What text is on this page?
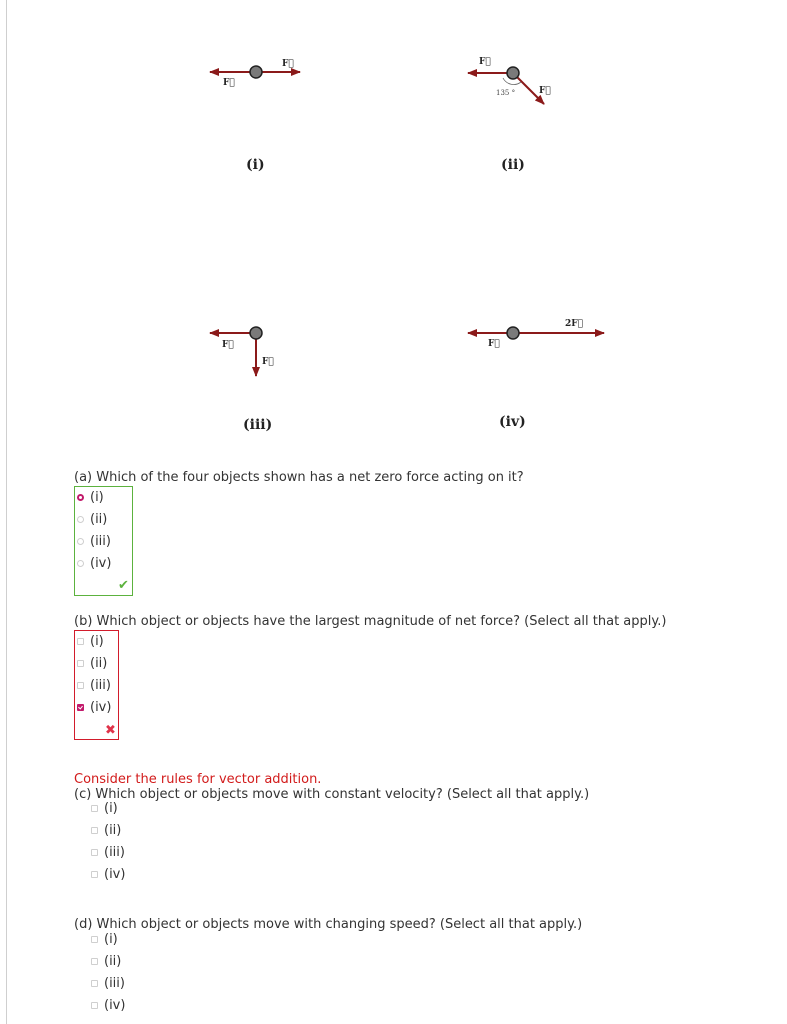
F⃗
F⃗
(i)
F⃗
F⃗
135 °
(ii)
F⃗
F⃗
(iii)
F⃗
2F⃗
(iv)
(a) Which of the four objects shown has a net zero force acting on it?
✔
(i)
(ii)
(iii)
(iv)
(b) Which object or objects have the largest magnitude of net force? (Select all that apply.)
✖
(i)
(ii)
(iii)
(iv)
Consider the rules for vector addition.
(c) Which object or objects move with constant velocity? (Select all that apply.)
(i)
(ii)
(iii)
(iv)
(d) Which object or objects move with changing speed? (Select all that apply.)
(i)
(ii)
(iii)
(iv)
